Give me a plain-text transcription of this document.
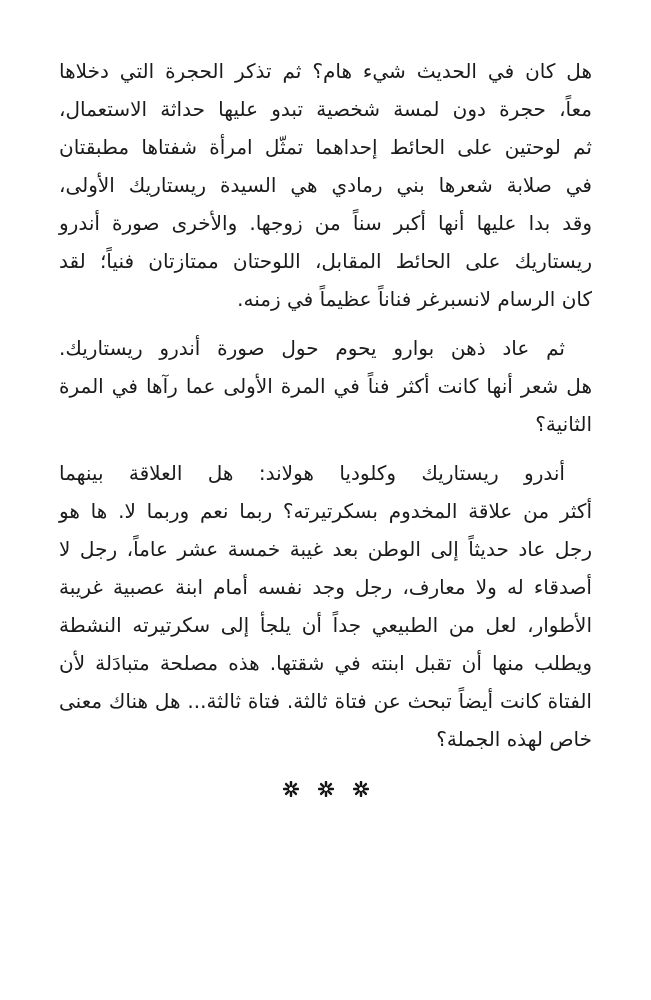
هل كان في الحديث شيء هام؟ ثم تذكر الحجرة التي دخلاها
معاً، حجرة دون لمسة شخصية تبدو عليها حداثة الاستعمال،
ثم لوحتين على الحائط إحداهما تمثّل امرأة شفتاها مطبقتان
في صلابة شعرها بني رمادي هي السيدة ريستاريك الأولى،
وقد بدا عليها أنها أكبر سناً من زوجها. والأخرى صورة أندرو
ريستاريك على الحائط المقابل، اللوحتان ممتازتان فنياً؛ لقد
كان الرسام لانسبرغر فناناً عظيماً في زمنه.

ثم عاد ذهن بوارو يحوم حول صورة أندرو ريستاريك.
هل شعر أنها كانت أكثر فناً في المرة الأولى عما رآها في المرة
الثانية؟

أندرو ريستاريك وكلوديا هولاند: هل العلاقة بينهما
أكثر من علاقة المخدوم بسكرتيرته؟ ربما نعم وربما لا. ها هو
رجل عاد حديثاً إلى الوطن بعد غيبة خمسة عشر عاماً، رجل لا
أصدقاء له ولا معارف، رجل وجد نفسه أمام ابنة عصبية غريبة
الأطوار، لعل من الطبيعي جداً أن يلجأ إلى سكرتيرته النشطة
ويطلب منها أن تقبل ابنته في شقتها. هذه مصلحة متبادَلة لأن
الفتاة كانت أيضاً تبحث عن فتاة ثالثة. فتاة ثالثة... هل هناك معنى
خاص لهذه الجملة؟
